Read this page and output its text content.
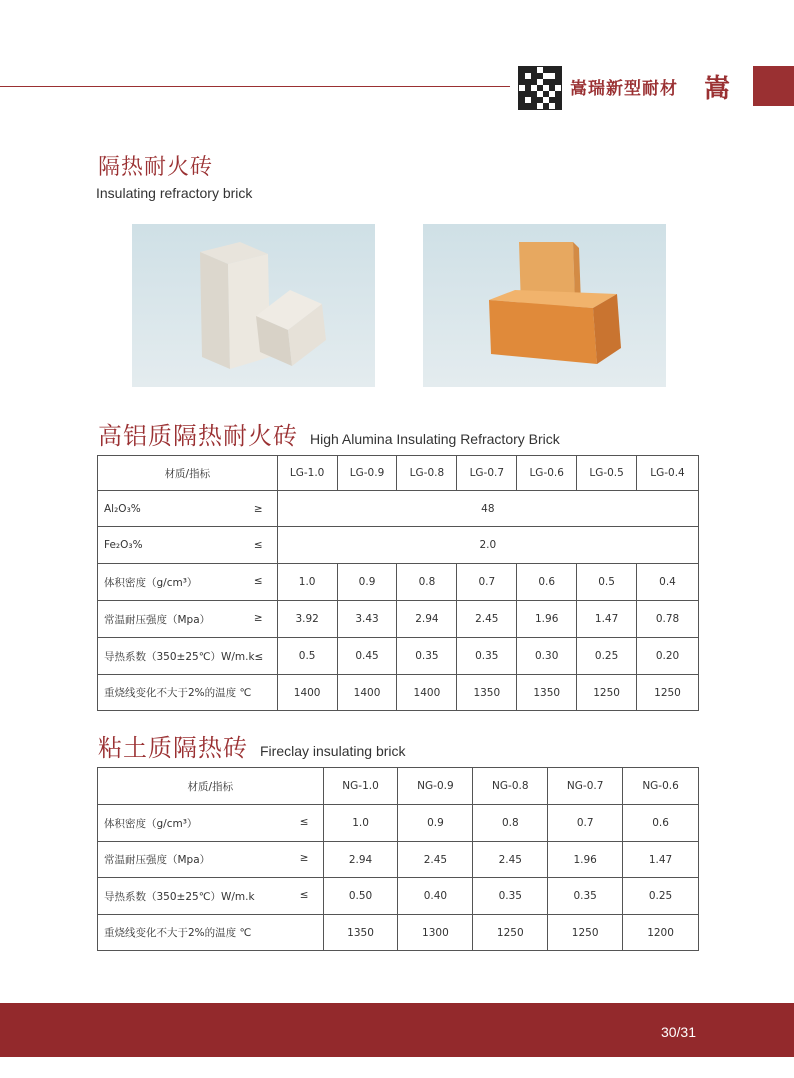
嵩瑞新型耐材 嵩
隔热耐火砖
Insulating refractory brick
高铝质隔热耐火砖 High Alumina Insulating Refractory Brick
材质/指标	LG-1.0	LG-0.9	LG-0.8	LG-0.7	LG-0.6	LG-0.5	LG-0.4
Al₂O₃% ≥	48						
Fe₂O₃% ≤	2.0						
体积密度（g/cm³） ≤	1.0	0.9	0.8	0.7	0.6	0.5	0.4
常温耐压强度（Mpa） ≥	3.92	3.43	2.94	2.45	1.96	1.47	0.78
导热系数（350±25℃）W/m.k≤	0.5	0.45	0.35	0.35	0.30	0.25	0.20
重烧线变化不大于2%的温度 ℃	1400	1400	1400	1350	1350	1250	1250
粘土质隔热砖 Fireclay insulating brick
材质/指标	NG-1.0	NG-0.9	NG-0.8	NG-0.7	NG-0.6
体积密度（g/cm³） ≤	1.0	0.9	0.8	0.7	0.6
常温耐压强度（Mpa） ≥	2.94	2.45	2.45	1.96	1.47
导热系数（350±25℃）W/m.k ≤	0.50	0.40	0.35	0.35	0.25
重烧线变化不大于2%的温度 ℃	1350	1300	1250	1250	1200
30/31
